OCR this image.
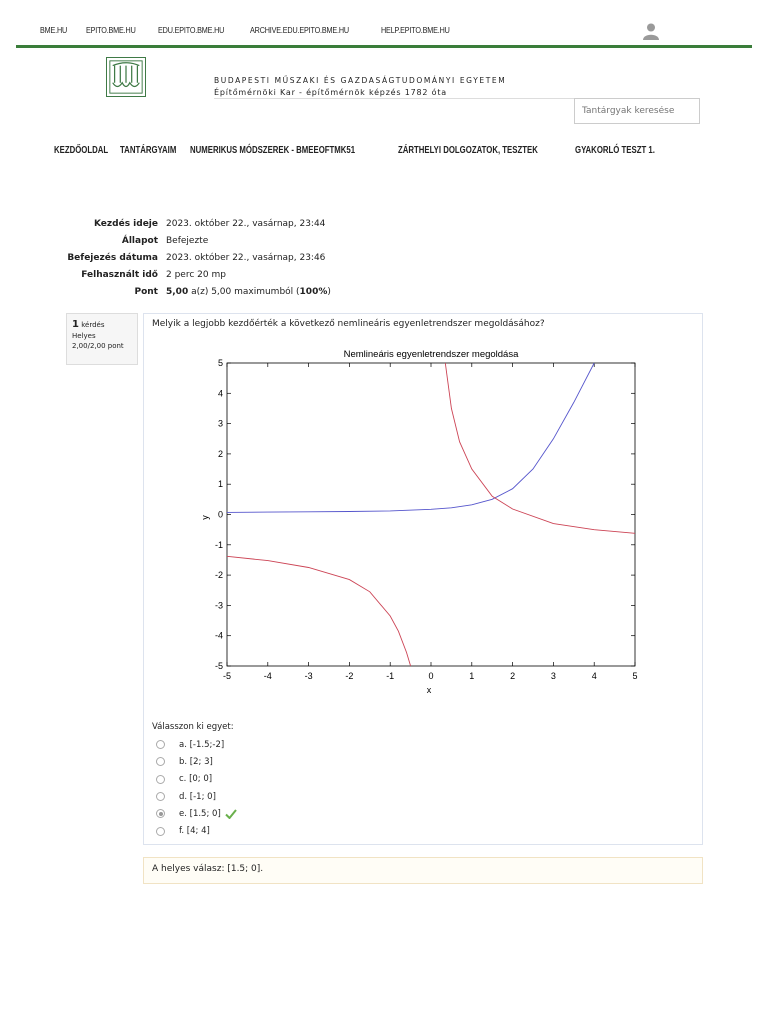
BME.HU EPITO.BME.HU	EDU.EPITO.BME.HU	ARCHIVE.EDU.EPITO.BME.HU	HELP.EPITO.BME.HU
BUDAPESTI MŰSZAKI ÉS GAZDASÁGTUDOMÁNYI EGYETEM
Építőmérnöki Kar - építőmérnök képzés 1782 óta
Tantárgyak keresése
KEZDŐOLDAL TANTÁRGYAIM NUMERIKUS MÓDSZEREK - BMEEOFTMK51	ZÁRTHELYI DOLGOZATOK, TESZTEK	GYAKORLÓ TESZT 1.
Kezdés ideje 2023. október 22., vasárnap, 23:44
Állapot Befejezte
Befejezés dátuma 2023. október 22., vasárnap, 23:46
Felhasznált idő 2 perc 20 mp
Pont 5,00 a(z) 5,00 maximumból (100%)
1 kérdés
Helyes
2,00/2,00 pont
Melyik a legjobb kezdőérték a következő nemlineáris egyenletrendszer megoldásához?
Nemlineáris egyenletrendszer megoldása
-5	-4	-3	-2	-1	0	1	2	3	4	5
-5
-4
-3
-2
-1
0
1
2
3
4
5
x
y
Válasszon ki egyet:
a. [-1.5;-2]
b. [2; 3]
c. [0; 0]
d. [-1; 0]
e. [1.5; 0]
f. [4; 4]
A helyes válasz: [1.5; 0].
